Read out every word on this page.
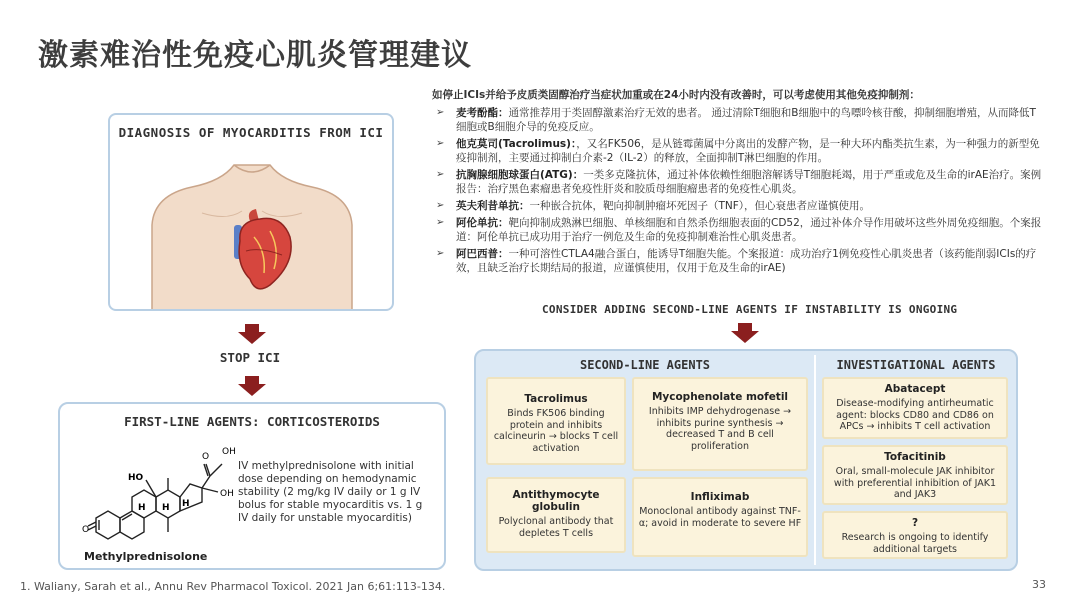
激素难治性免疫心肌炎管理建议
如停止ICIs并给予皮质类固醇治疗当症状加重或在24小时内没有改善时，可以考虑使用其他免疫抑制剂：
➢ 麦考酚酯：通常推荐用于类固醇激素治疗无效的患者。 通过清除T细胞和B细胞中的鸟嘌呤核苷酸，抑制细胞增殖，从而降低T细胞或B细胞介导的免疫反应。
➢ 他克莫司(Tacrolimus)：，又名FK506，是从链霉菌属中分离出的发酵产物，是一种大环内酯类抗生素，为一种强力的新型免疫抑制剂，主要通过抑制白介素-2（IL-2）的释放，全面抑制T淋巴细胞的作用。
➢ 抗胸腺细胞球蛋白(ATG)：一类多克隆抗体，通过补体依赖性细胞溶解诱导T细胞耗竭，用于严重或危及生命的irAE治疗。案例报告：治疗黑色素瘤患者免疫性肝炎和胶质母细胞瘤患者的免疫性心肌炎。
➢ 英夫利昔单抗：一种嵌合抗体，靶向抑制肿瘤坏死因子（TNF），但心衰患者应谨慎使用。
➢ 阿伦单抗：靶向抑制成熟淋巴细胞、单核细胞和自然杀伤细胞表面的CD52，通过补体介导作用破坏这些外周免疫细胞。个案报道：阿伦单抗已成功用于治疗一例危及生命的免疫抑制难治性心肌炎患者。
➢ 阿巴西普：一种可溶性CTLA4融合蛋白，能诱导T细胞失能。个案报道：成功治疗1例免疫性心肌炎患者（该药能削弱ICIs的疗效，且缺乏治疗长期结局的报道，应谨慎使用，仅用于危及生命的irAE)
DIAGNOSIS OF MYOCARDITIS FROM ICI
STOP ICI
FIRST-LINE AGENTS: CORTICOSTEROIDS
O OH
OH
HO
H
H	H
O
Methylprednisolone
IV methylprednisolone with initial dose depending on hemodynamic stability (2 mg/kg IV daily or 1 g IV bolus for stable myocarditis vs. 1 g IV daily for unstable myocarditis)
CONSIDER ADDING SECOND-LINE AGENTS IF INSTABILITY IS ONGOING
SECOND-LINE AGENTS	INVESTIGATIONAL AGENTS
Tacrolimus
Binds FK506 binding protein and inhibits calcineurin → blocks T cell activation
Mycophenolate mofetil
Inhibits IMP dehydrogenase → inhibits purine synthesis → decreased T and B cell proliferation
Antithymocyte globulin
Polyclonal antibody that depletes T cells
Infliximab
Monoclonal antibody against TNF-α; avoid in moderate to severe HF
Abatacept
Disease-modifying antirheumatic agent: blocks CD80 and CD86 on APCs → inhibits T cell activation
Tofacitinib
Oral, small-molecule JAK inhibitor with preferential inhibition of JAK1 and JAK3
?
Research is ongoing to identify additional targets
1. Waliany, Sarah et al., Annu Rev Pharmacol Toxicol. 2021 Jan 6;61:113-134.	33
